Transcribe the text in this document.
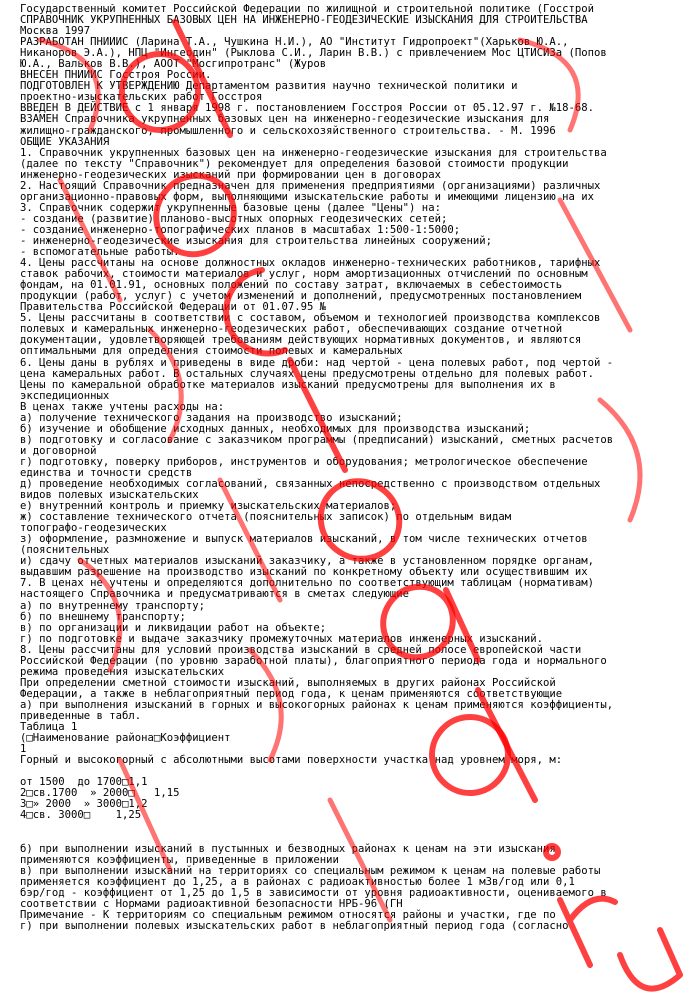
Государственный комитет Российской Федерации по жилищной и строительной политике (Госстрой
СПРАВОЧНИК УКРУПНЕННЫХ БАЗОВЫХ ЦЕН НА ИНЖЕНЕРНО-ГЕОДЕЗИЧЕСКИЕ ИЗЫСКАНИЯ ДЛЯ СТРОИТЕЛЬСТВА
Москва 1997
РАЗРАБОТАН ПНИИИС (Ларина Т.А., Чушкина Н.И.), АО "Институт Гидропроект"(Харьков Ю.А.,
Никаноров Э.А.), НПЦ "Ингеодин" (Рыклова С.И., Ларин В.В.) с привлечением Мос ЦТИСИЗа (Попов
Ю.А., Вальков В.В.), АООТ "Мосгипротранс" (Журов
ВНЕСЕН ПНИИИС Госстроя России.
ПОДГОТОВЛЕН К УТВЕРЖДЕНИЮ Департаментом развития научно технической политики и
проектно-изыскательских работ Госстроя
ВВЕДЕН В ДЕЙСТВИЕ с 1 января 1998 г. постановлением Госстроя России от 05.12.97 г. №18-68.
ВЗАМЕН Справочника укрупненных базовых цен на инженерно-геодезические изыскания для
жилищно-гражданского, промышленного и сельскохозяйственного строительства. - М. 1996
ОБЩИЕ УКАЗАНИЯ
1. Справочник укрупненных базовых цен на инженерно-геодезические изыскания для строительства
(далее по тексту "Справочник") рекомендует для определения базовой стоимости продукции
инженерно-геодезических изысканий при формировании цен в договорах
2. Настоящий Справочник предназначен для применения предприятиями (организациями) различных
организационно-правовых форм, выполняющими изыскательские работы и имеющими лицензию на их
3. Справочник содержит укрупненные базовые цены (далее "Цены") на:
- создание (развитие) планово-высотных опорных геодезических сетей;
- создание инженерно-топографических планов в масштабах 1:500-1:5000;
- инженерно-геодезические изыскания для строительства линейных сооружений;
- вспомогательные работы.
4. Цены рассчитаны на основе должностных окладов инженерно-технических работников, тарифных
ставок рабочих, стоимости материалов и услуг, норм амортизационных отчислений по основным
фондам, на 01.01.91, основных положений по составу затрат, включаемых в себестоимость
продукции (работ, услуг) с учетом изменений и дополнений, предусмотренных постановлением
Правительства Российской Федерации от 01.07.95 №
5. Цены рассчитаны в соответствии с составом, объемом и технологией производства комплексов
полевых и камеральных инженерно-геодезических работ, обеспечивающих создание отчетной
документации, удовлетворяющей требованиям действующих нормативных документов, и являются
оптимальными для определения стоимости полевых и камеральных
6. Цены даны в рублях и приведены в виде дроби: над чертой - цена полевых работ, под чертой -
цена камеральных работ. В остальных случаях цены предусмотрены отдельно для полевых работ.
Цены по камеральной обработке материалов изысканий предусмотрены для выполнения их в
экспедиционных
В ценах также учтены расходы на:
а) получение технического задания на производство изысканий;
б) изучение и обобщение исходных данных, необходимых для производства изысканий;
в) подготовку и согласование с заказчиком программы (предписаний) изысканий, сметных расчетов
и договорной
г) подготовку, поверку приборов, инструментов и оборудования; метрологическое обеспечение
единства и точности средств
д) проведение необходимых согласований, связанных непосредственно с производством отдельных
видов полевых изыскательских
е) внутренний контроль и приемку изыскательских материалов;
ж) составление технического отчета (пояснительных записок) по отдельным видам
топографо-геодезических
з) оформление, размножение и выпуск материалов изысканий, в том числе технических отчетов
(пояснительных
и) сдачу отчетных материалов изысканий заказчику, а также в установленном порядке органам,
выдавшим разрешение на производство изысканий по конкретному объекту или осуществившим их
7. В ценах не учтены и определяются дополнительно по соответствующим таблицам (нормативам)
настоящего Справочника и предусматриваются в сметах следующие
а) по внутреннему транспорту;
б) по внешнему транспорту;
в) по организации и ликвидации работ на объекте;
г) по подготовке и выдаче заказчику промежуточных материалов инженерных изысканий.
8. Цены рассчитаны для условий производства изысканий в средней полосе европейской части
Российской Федерации (по уровню заработной платы), благоприятного периода года и нормального
режима проведения изыскательских
При определении сметной стоимости изысканий, выполняемых в других районах Российской
Федерации, а также в неблагоприятный период года, к ценам применяются соответствующие
а) при выполнения изысканий в горных и высокогорных районах к ценам применяются коэффициенты,
приведенные в табл.
Таблица 1
(□Наименование района□Коэффициент
1
Горный и высокогорный с абсолютными высотами поверхности участка над уровнем моря, м:
от 1500  до 1700□1,1
2□св.1700  » 2000□   1,15
3□» 2000  » 3000□1,2
4□св. 3000□    1,25
б) при выполнении изысканий в пустынных и безводных районах к ценам на эти изыскания
применяются коэффициенты, приведенные в приложении
в) при выполнении изысканий на территориях со специальным режимом к ценам на полевые работы
применяется коэффициент до 1,25, а в районах с радиоактивностью более 1 мЗв/год или 0,1
бэр/год - коэффициент от 1,25 до 1,5 в зависимости от уровня радиоактивности, оцениваемого в
соответствии с Нормами радиоактивной безопасности НРБ-96 (ГН
Примечание - К территориям со специальным режимом относятся районы и участки, где по
г) при выполнении полевых изыскательских работ в неблагоприятный период года (согласно
